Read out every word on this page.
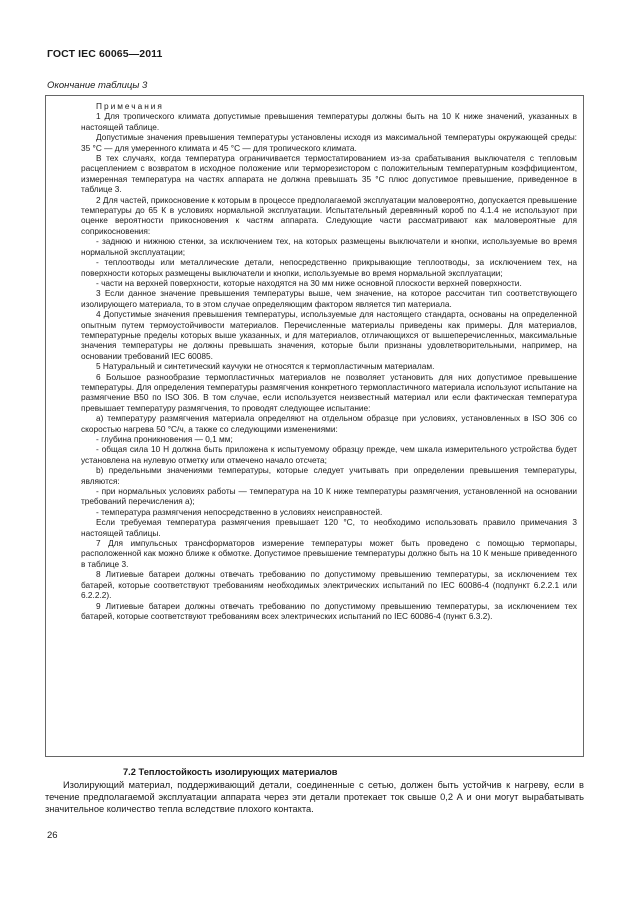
ГОСТ IEC 60065—2011
Окончание таблицы 3

Примечания

1 Для тропического климата допустимые превышения температуры должны быть на 10 К ниже значений, указанных в настоящей таблице.

Допустимые значения превышения температуры установлены исходя из максимальной температуры окружающей среды: 35 °С — для умеренного климата и 45 °С — для тропического климата.

В тех случаях, когда температура ограничивается термостатированием из-за срабатывания выключателя с тепловым расцеплением с возвратом в исходное положение или терморезистором с положительным температурным коэффициентом, измеренная температура на частях аппарата не должна превышать 35 °С плюс допустимое превышение, приведенное в таблице 3.

2 Для частей, прикосновение к которым в процессе предполагаемой эксплуатации маловероятно, допускается превышение температуры до 65 К в условиях нормальной эксплуатации. Испытательный деревянный короб по 4.1.4 не используют при оценке вероятности прикосновения к частям аппарата. Следующие части рассматривают как маловероятные для соприкосновения:

- заднюю и нижнюю стенки, за исключением тех, на которых размещены выключатели и кнопки, используемые во время нормальной эксплуатации;

- теплоотводы или металлические детали, непосредственно прикрывающие теплоотводы, за исключением тех, на поверхности которых размещены выключатели и кнопки, используемые во время нормальной эксплуатации;

- части на верхней поверхности, которые находятся на 30 мм ниже основной плоскости верхней поверхности.

3 Если данное значение превышения температуры выше, чем значение, на которое рассчитан тип соответствующего изолирующего материала, то в этом случае определяющим фактором является тип материала.

4 Допустимые значения превышения температуры, используемые для настоящего стандарта, основаны на определенной опытным путем термоустойчивости материалов. Перечисленные материалы приведены как примеры. Для материалов, температурные пределы которых выше указанных, и для материалов, отличающихся от вышеперечисленных, максимальные значения температуры не должны превышать значения, которые были признаны удовлетворительными, например, на основании требований IEC 60085.

5 Натуральный и синтетический каучуки не относятся к термопластичным материалам.

6 Большое разнообразие термопластичных материалов не позволяет установить для них допустимое превышение температуры. Для определения температуры размягчения конкретного термопластичного материала используют испытание на размягчение B50 по ISO 306. В том случае, если используется неизвестный материал или если фактическая температура превышает температуру размягчения, то проводят следующее испытание:

a) температуру размягчения материала определяют на отдельном образце при условиях, установленных в ISO 306 со скоростью нагрева 50 °С/ч, а также со следующими изменениями:

- глубина проникновения — 0,1 мм;

- общая сила 10 Н должна быть приложена к испытуемому образцу прежде, чем шкала измерительного устройства будет установлена на нулевую отметку или отмечено начало отсчета;

b) предельными значениями температуры, которые следует учитывать при определении превышения температуры, являются:

- при нормальных условиях работы — температура на 10 К ниже температуры размягчения, установленной на основании требований перечисления а);

- температура размягчения непосредственно в условиях неисправностей.

Если требуемая температура размягчения превышает 120 °С, то необходимо использовать правило примечания 3 настоящей таблицы.

7 Для импульсных трансформаторов измерение температуры может быть проведено с помощью термопары, расположенной как можно ближе к обмотке. Допустимое превышение температуры должно быть на 10 К меньше приведенного в таблице 3.

8 Литиевые батареи должны отвечать требованию по допустимому превышению температуры, за исключением тех батарей, которые соответствуют требованиям необходимых электрических испытаний по IEC 60086-4 (подпункт 6.2.2.1 или 6.2.2.2).

9 Литиевые батареи должны отвечать требованию по допустимому превышению температуры, за исключением тех батарей, которые соответствуют требованиям всех электрических испытаний по IEC 60086-4 (пункт 6.3.2).

7.2 Теплостойкость изолирующих материалов

Изолирующий материал, поддерживающий детали, соединенные с сетью, должен быть устойчив к нагреву, если в течение предполагаемой эксплуатации аппарата через эти детали протекает ток свыше 0,2 А и они могут вырабатывать значительное количество тепла вследствие плохого контакта.

26
